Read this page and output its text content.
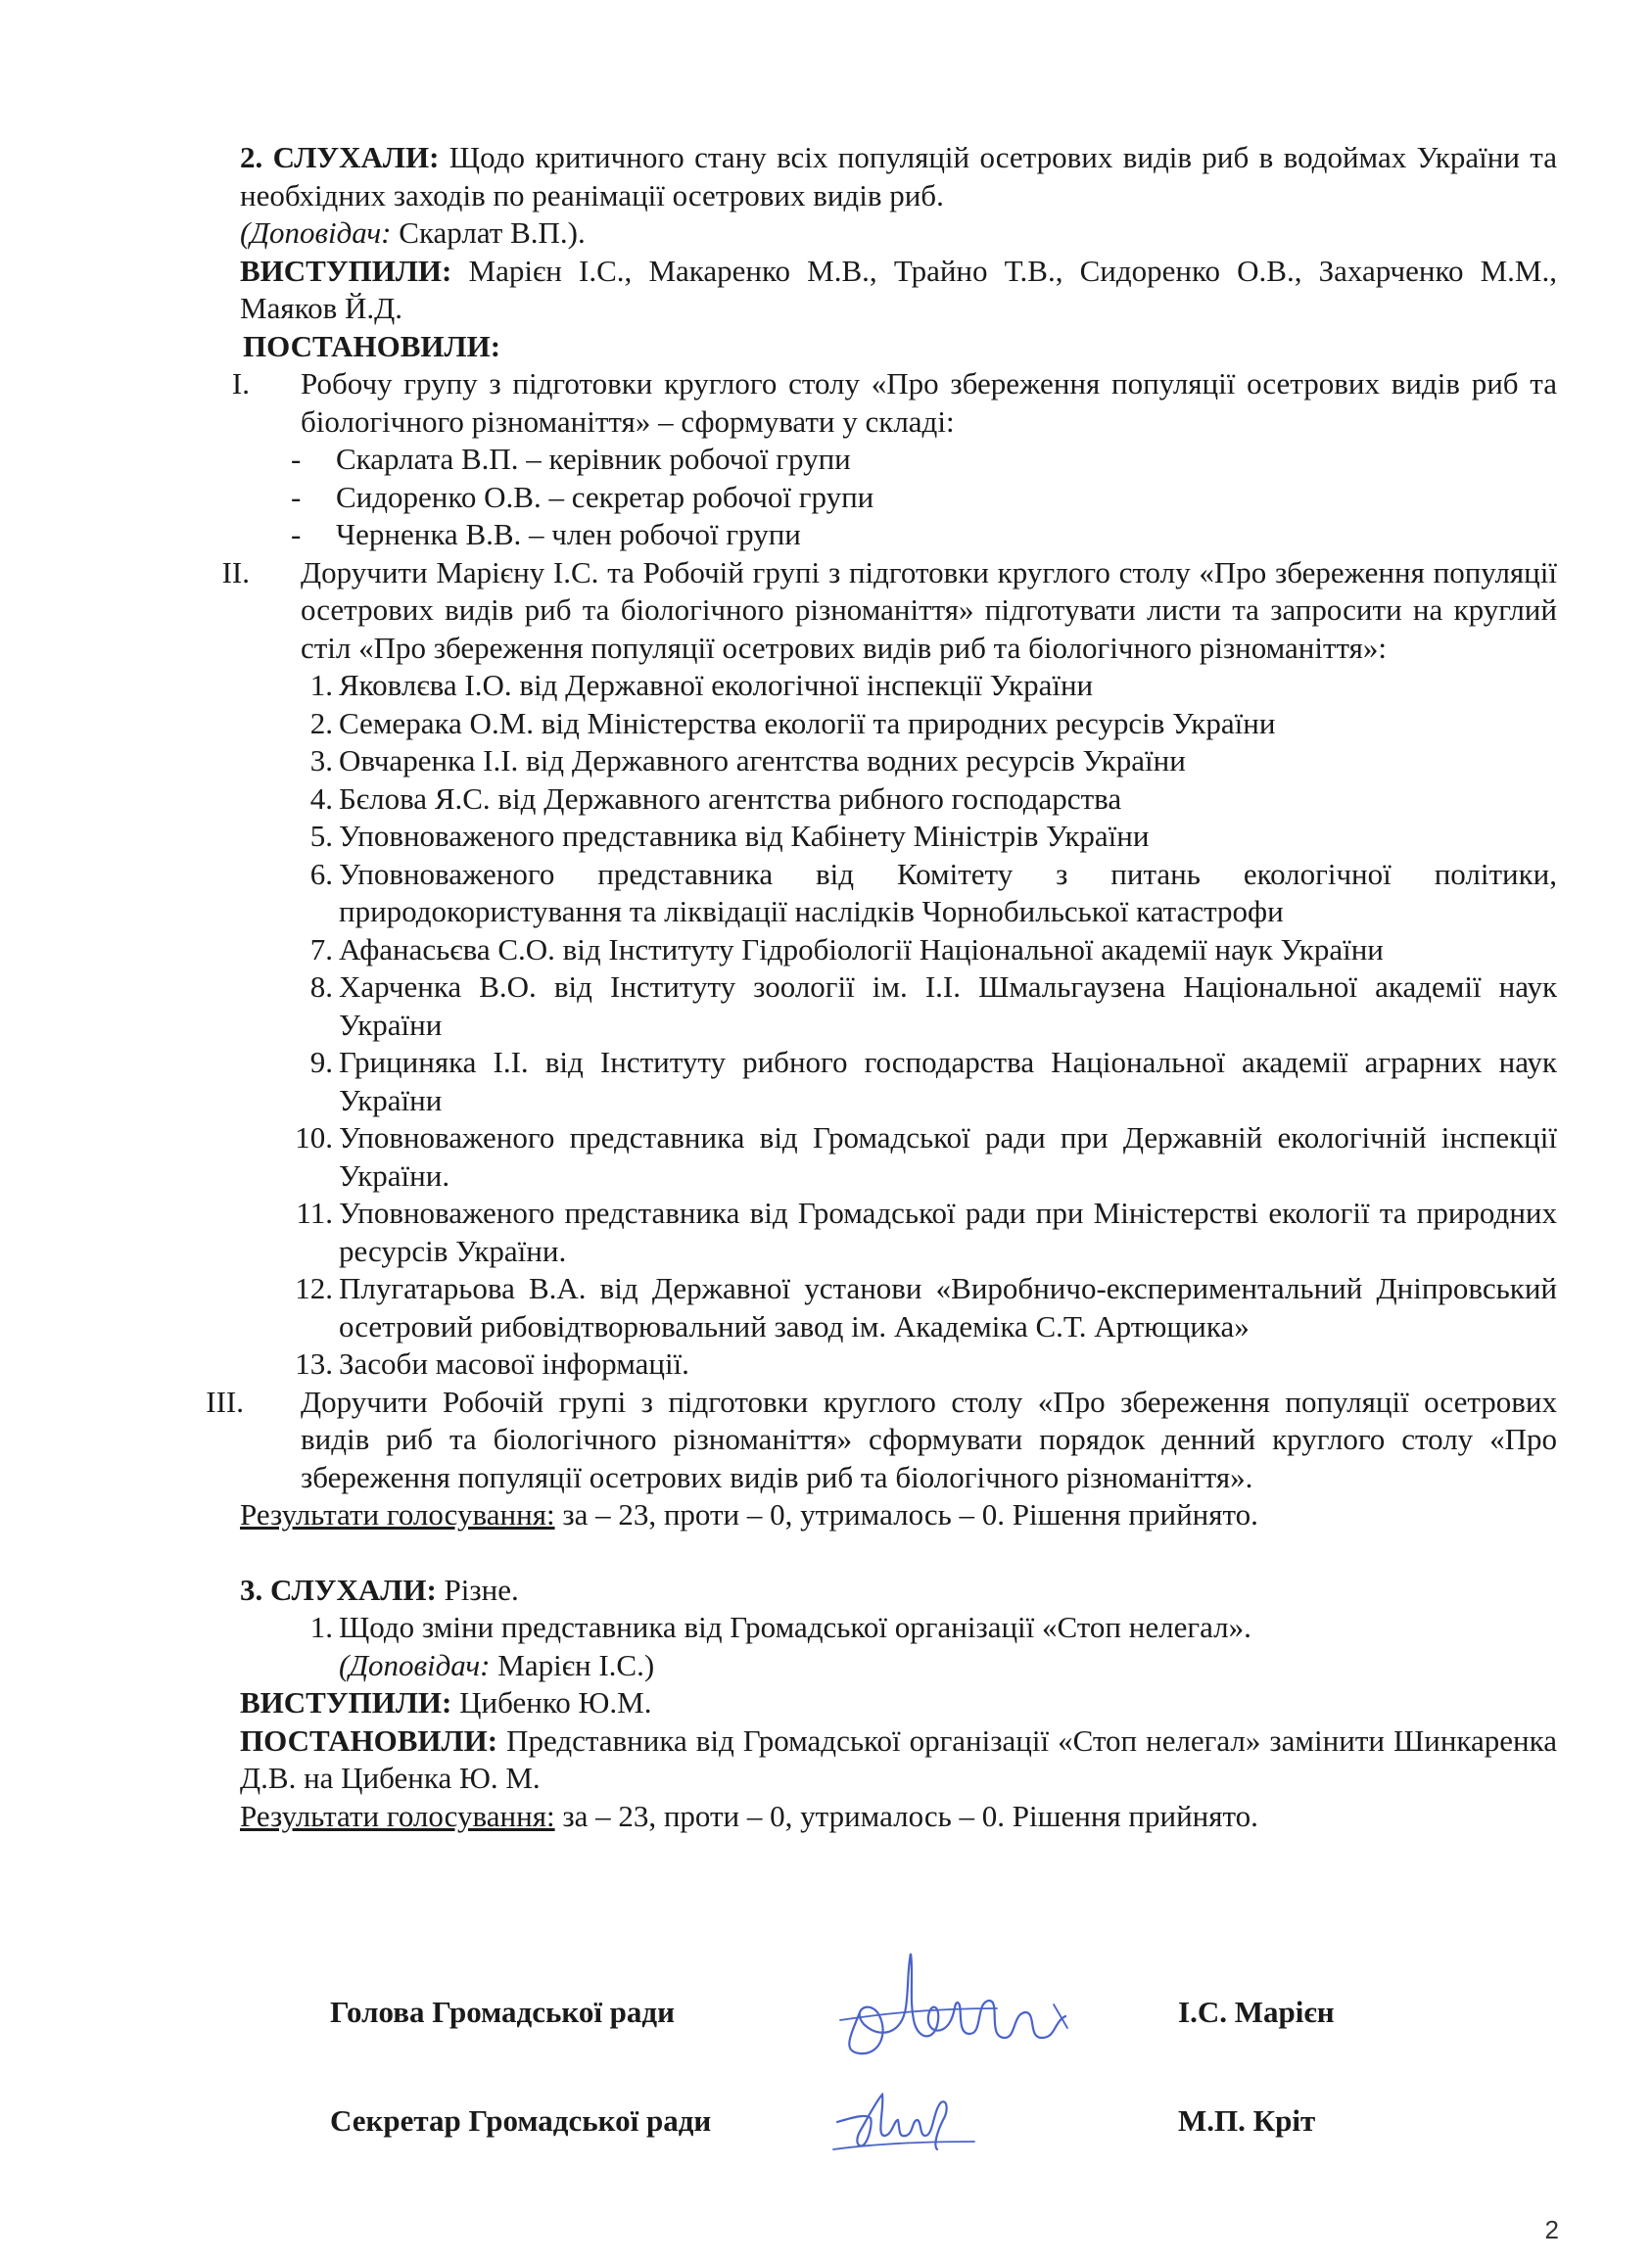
2. СЛУХАЛИ: Щодо критичного стану всіх популяцій осетрових видів риб в водоймах України та необхідних заходів по реанімації осетрових видів риб.

(Доповідач: Скарлат В.П.).

ВИСТУПИЛИ: Марієн І.С., Макаренко М.В., Трайно Т.В., Сидоренко О.В., Захарченко М.М., Маяков Й.Д.

ПОСТАНОВИЛИ:

I. Робочу групу з підготовки круглого столу «Про збереження популяції осетрових видів риб та біологічного різноманіття» – сформувати у складі:

- Скарлата В.П. – керівник робочої групи
- Сидоренко О.В. – секретар робочої групи
- Черненка В.В. – член робочої групи
II. Доручити Марієну І.С. та Робочій групі з підготовки круглого столу «Про збереження популяції осетрових видів риб та біологічного різноманіття» підготувати листи та запросити на круглий стіл «Про збереження популяції осетрових видів риб та біологічного різноманіття»:

1. Яковлєва І.О. від Державної екологічної інспекції України
2. Семерака О.М. від Міністерства екології та природних ресурсів України
3. Овчаренка І.І. від Державного агентства водних ресурсів України
4. Бєлова Я.С. від Державного агентства рибного господарства
5. Уповноваженого представника від Кабінету Міністрів України
6. Уповноваженого представника від Комітету з питань екологічної політики, природокористування та ліквідації наслідків Чорнобильської катастрофи
7. Афанасьєва С.О. від Інституту Гідробіології Національної академії наук України
8. Харченка В.О. від Інституту зоології ім. І.І. Шмальгаузена Національної академії наук України
9. Грициняка І.І. від Інституту рибного господарства Національної академії аграрних наук України
10. Уповноваженого представника від Громадської ради при Державній екологічній інспекції України.
11. Уповноваженого представника від Громадської ради при Міністерстві екології та природних ресурсів України.
12. Плугатарьова В.А. від Державної установи «Виробничо-експериментальний Дніпровський осетровий рибовідтворювальний завод ім. Академіка С.Т. Артющика»
13. Засоби масової інформації.
III. Доручити Робочій групі з підготовки круглого столу «Про збереження популяції осетрових видів риб та біологічного різноманіття» сформувати порядок денний круглого столу «Про збереження популяції осетрових видів риб та біологічного різноманіття».

Результати голосування: за – 23, проти – 0, утрималось – 0. Рішення прийнято.

3. СЛУХАЛИ: Різне.

1. Щодо зміни представника від Громадської організації «Стоп нелегал».
(Доповідач: Марієн І.С.)

ВИСТУПИЛИ: Цибенко Ю.М.

ПОСТАНОВИЛИ: Представника від Громадської організації «Стоп нелегал» замінити Шинкаренка Д.В. на Цибенка Ю. М.

Результати голосування: за – 23, проти – 0, утрималось – 0. Рішення прийнято.

Голова Громадської ради	І.С. Марієн
Секретар Громадської ради	М.П. Кріт
2
